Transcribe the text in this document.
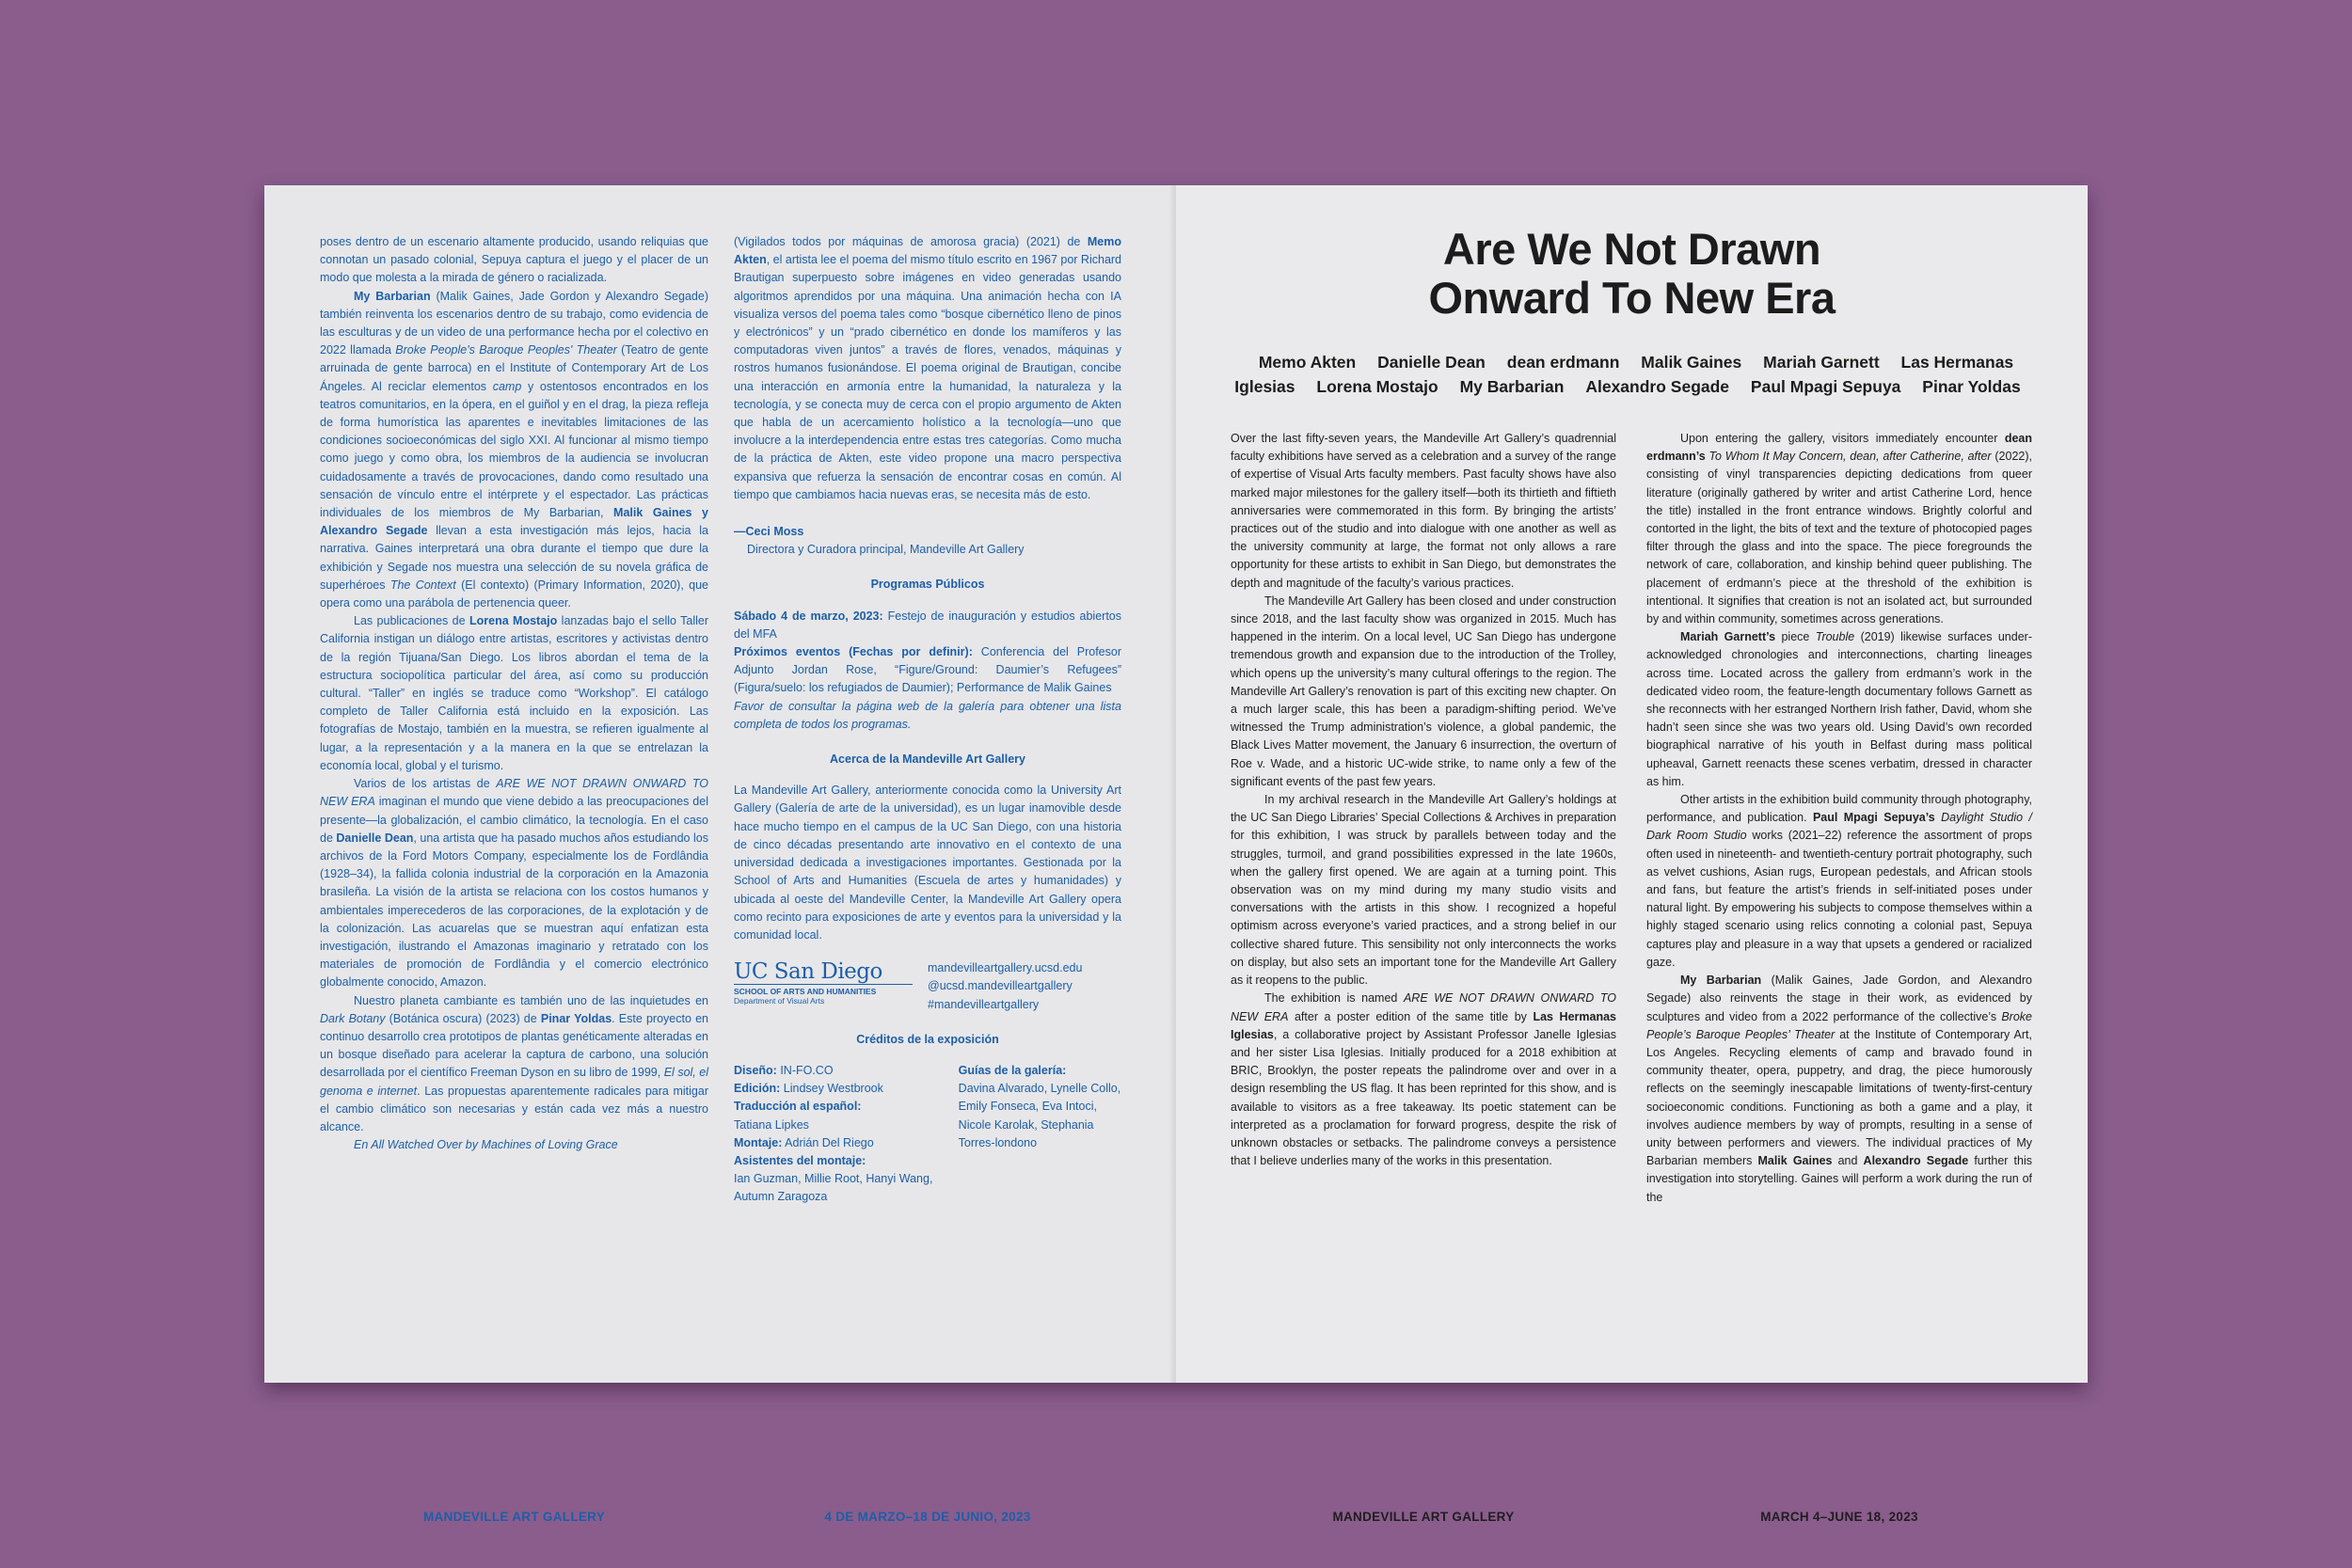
poses dentro de un escenario altamente producido, usando reliquias que connotan un pasado colonial, Sepuya captura el juego y el placer de un modo que molesta a la mirada de género o racializada.

My Barbarian (Malik Gaines, Jade Gordon y Alexandro Segade) también reinventa los escenarios dentro de su trabajo, como evidencia de las esculturas y de un video de una performance hecha por el colectivo en 2022 llamada Broke People's Baroque Peoples' Theater (Teatro de gente arruinada de gente barroca) en el Institute of Contemporary Art de Los Ángeles. Al reciclar elementos camp y ostentosos encontrados en los teatros comunitarios, en la ópera, en el guiñol y en el drag, la pieza refleja de forma humorística las aparentes e inevitables limitaciones de las condiciones socioeconómicas del siglo XXI. Al funcionar al mismo tiempo como juego y como obra, los miembros de la audiencia se involucran cuidadosamente a través de provocaciones, dando como resultado una sensación de vínculo entre el intérprete y el espectador. Las prácticas individuales de los miembros de My Barbarian, Malik Gaines y Alexandro Segade llevan a esta investigación más lejos, hacia la narrativa. Gaines interpretará una obra durante el tiempo que dure la exhibición y Segade nos muestra una selección de su novela gráfica de superhéroes The Context (El contexto) (Primary Information, 2020), que opera como una parábola de pertenencia queer.

Las publicaciones de Lorena Mostajo lanzadas bajo el sello Taller California instigan un diálogo entre artistas, escritores y activistas dentro de la región Tijuana/San Diego. Los libros abordan el tema de la estructura sociopolítica particular del área, así como su producción cultural. “Taller” en inglés se traduce como “Workshop”. El catálogo completo de Taller California está incluido en la exposición. Las fotografías de Mostajo, también en la muestra, se refieren igualmente al lugar, a la representación y a la manera en la que se entrelazan la economía local, global y el turismo.

Varios de los artistas de ARE WE NOT DRAWN ONWARD TO NEW ERA imaginan el mundo que viene debido a las preocupaciones del presente—la globalización, el cambio climático, la tecnología. En el caso de Danielle Dean, una artista que ha pasado muchos años estudiando los archivos de la Ford Motors Company, especialmente los de Fordlândia (1928–34), la fallida colonia industrial de la corporación en la Amazonia brasileña. La visión de la artista se relaciona con los costos humanos y ambientales imperecederos de las corporaciones, de la explotación y de la colonización. Las acuarelas que se muestran aquí enfatizan esta investigación, ilustrando el Amazonas imaginario y retratado con los materiales de promoción de Fordlândia y el comercio electrónico globalmente conocido, Amazon.

Nuestro planeta cambiante es también uno de las inquietudes en Dark Botany (Botánica oscura) (2023) de Pinar Yoldas. Este proyecto en continuo desarrollo crea prototipos de plantas genéticamente alteradas en un bosque diseñado para acelerar la captura de carbono, una solución desarrollada por el científico Freeman Dyson en su libro de 1999, El sol, el genoma e internet. Las propuestas aparentemente radicales para mitigar el cambio climático son necesarias y están cada vez más a nuestro alcance.

En All Watched Over by Machines of Loving Grace

(Vigilados todos por máquinas de amorosa gracia) (2021) de Memo Akten, el artista lee el poema del mismo título escrito en 1967 por Richard Brautigan superpuesto sobre imágenes en video generadas usando algoritmos aprendidos por una máquina. Una animación hecha con IA visualiza versos del poema tales como “bosque cibernético lleno de pinos y electrónicos” y un “prado cibernético en donde los mamíferos y las computadoras viven juntos” a través de flores, venados, máquinas y rostros humanos fusionándose. El poema original de Brautigan, concibe una interacción en armonía entre la humanidad, la naturaleza y la tecnología, y se conecta muy de cerca con el propio argumento de Akten que habla de un acercamiento holístico a la tecnología—uno que involucre a la interdependencia entre estas tres categorías. Como mucha de la práctica de Akten, este video propone una macro perspectiva expansiva que refuerza la sensación de encontrar cosas en común. Al tiempo que cambiamos hacia nuevas eras, se necesita más de esto.

—Ceci Moss
Directora y Curadora principal, Mandeville Art Gallery
Programas Públicos

Sábado 4 de marzo, 2023: Festejo de inauguración y estudios abiertos del MFA

Próximos eventos (Fechas por definir): Conferencia del Profesor Adjunto Jordan Rose, “Figure/Ground: Daumier’s Refugees” (Figura/suelo: los refugiados de Daumier); Performance de Malik Gaines

Favor de consultar la página web de la galería para obtener una lista completa de todos los programas.

Acerca de la Mandeville Art Gallery

La Mandeville Art Gallery, anteriormente conocida como la University Art Gallery (Galería de arte de la universidad), es un lugar inamovible desde hace mucho tiempo en el campus de la UC San Diego, con una historia de cinco décadas presentando arte innovativo en el contexto de una universidad dedicada a investigaciones importantes. Gestionada por la School of Arts and Humanities (Escuela de artes y humanidades) y ubicada al oeste del Mandeville Center, la Mandeville Art Gallery opera como recinto para exposiciones de arte y eventos para la universidad y la comunidad local.

UC San Diego
SCHOOL OF ARTS AND HUMANITIES
Department of Visual Arts
mandevilleartgallery.ucsd.edu
@ucsd.mandevilleartgallery
#mandevilleartgallery
Créditos de la exposición
Diseño: IN-FO.CO
Edición: Lindsey Westbrook
Traducción al español:
Tatiana Lipkes
Montaje: Adrián Del Riego
Asistentes del montaje:
Ian Guzman, Millie Root, Hanyi Wang, Autumn Zaragoza
Guías de la galería:
Davina Alvarado, Lynelle Collo, Emily Fonseca, Eva Intoci, Nicole Karolak, Stephania Torres-londono
MANDEVILLE ART GALLERY	4 DE MARZO–18 DE JUNIO, 2023
Are We Not Drawn
Onward To New Era
Memo Akten Danielle Dean dean erdmann Malik Gaines Mariah Garnett Las Hermanas Iglesias Lorena Mostajo My Barbarian Alexandro Segade Paul Mpagi Sepuya Pinar Yoldas

Over the last fifty-seven years, the Mandeville Art Gallery’s quadrennial faculty exhibitions have served as a celebration and a survey of the range of expertise of Visual Arts faculty members. Past faculty shows have also marked major milestones for the gallery itself—both its thirtieth and fiftieth anniversaries were commemorated in this form. By bringing the artists’ practices out of the studio and into dialogue with one another as well as the university community at large, the format not only allows a rare opportunity for these artists to exhibit in San Diego, but demonstrates the depth and magnitude of the faculty’s various practices.

The Mandeville Art Gallery has been closed and under construction since 2018, and the last faculty show was organized in 2015. Much has happened in the interim. On a local level, UC San Diego has undergone tremendous growth and expansion due to the introduction of the Trolley, which opens up the university’s many cultural offerings to the region. The Mandeville Art Gallery’s renovation is part of this exciting new chapter. On a much larger scale, this has been a paradigm-shifting period. We’ve witnessed the Trump administration’s violence, a global pandemic, the Black Lives Matter movement, the January 6 insurrection, the overturn of Roe v. Wade, and a historic UC-wide strike, to name only a few of the significant events of the past few years.

In my archival research in the Mandeville Art Gallery’s holdings at the UC San Diego Libraries’ Special Collections & Archives in preparation for this exhibition, I was struck by parallels between today and the struggles, turmoil, and grand possibilities expressed in the late 1960s, when the gallery first opened. We are again at a turning point. This observation was on my mind during my many studio visits and conversations with the artists in this show. I recognized a hopeful optimism across everyone’s varied practices, and a strong belief in our collective shared future. This sensibility not only interconnects the works on display, but also sets an important tone for the Mandeville Art Gallery as it reopens to the public.

The exhibition is named ARE WE NOT DRAWN ONWARD TO NEW ERA after a poster edition of the same title by Las Hermanas Iglesias, a collaborative project by Assistant Professor Janelle Iglesias and her sister Lisa Iglesias. Initially produced for a 2018 exhibition at BRIC, Brooklyn, the poster repeats the palindrome over and over in a design resembling the US flag. It has been reprinted for this show, and is available to visitors as a free takeaway. Its poetic statement can be interpreted as a proclamation for forward progress, despite the risk of unknown obstacles or setbacks. The palindrome conveys a persistence that I believe underlies many of the works in this presentation.

Upon entering the gallery, visitors immediately encounter dean erdmann’s To Whom It May Concern, dean, after Catherine, after (2022), consisting of vinyl transparencies depicting dedications from queer literature (originally gathered by writer and artist Catherine Lord, hence the title) installed in the front entrance windows. Brightly colorful and contorted in the light, the bits of text and the texture of photocopied pages filter through the glass and into the space. The piece foregrounds the network of care, collaboration, and kinship behind queer publishing. The placement of erdmann’s piece at the threshold of the exhibition is intentional. It signifies that creation is not an isolated act, but surrounded by and within community, sometimes across generations.

Mariah Garnett’s piece Trouble (2019) likewise surfaces under-acknowledged chronologies and interconnections, charting lineages across time. Located across the gallery from erdmann’s work in the dedicated video room, the feature-length documentary follows Garnett as she reconnects with her estranged Northern Irish father, David, whom she hadn’t seen since she was two years old. Using David’s own recorded biographical narrative of his youth in Belfast during mass political upheaval, Garnett reenacts these scenes verbatim, dressed in character as him.

Other artists in the exhibition build community through photography, performance, and publication. Paul Mpagi Sepuya’s Daylight Studio / Dark Room Studio works (2021–22) reference the assortment of props often used in nineteenth- and twentieth-century portrait photography, such as velvet cushions, Asian rugs, European pedestals, and African stools and fans, but feature the artist’s friends in self-initiated poses under natural light. By empowering his subjects to compose themselves within a highly staged scenario using relics connoting a colonial past, Sepuya captures play and pleasure in a way that upsets a gendered or racialized gaze.

My Barbarian (Malik Gaines, Jade Gordon, and Alexandro Segade) also reinvents the stage in their work, as evidenced by sculptures and video from a 2022 performance of the collective’s Broke People’s Baroque Peoples’ Theater at the Institute of Contemporary Art, Los Angeles. Recycling elements of camp and bravado found in community theater, opera, puppetry, and drag, the piece humorously reflects on the seemingly inescapable limitations of twenty-first-century socioeconomic conditions. Functioning as both a game and a play, it involves audience members by way of prompts, resulting in a sense of unity between performers and viewers. The individual practices of My Barbarian members Malik Gaines and Alexandro Segade further this investigation into storytelling. Gaines will perform a work during the run of the

MANDEVILLE ART GALLERY	MARCH 4–JUNE 18, 2023
